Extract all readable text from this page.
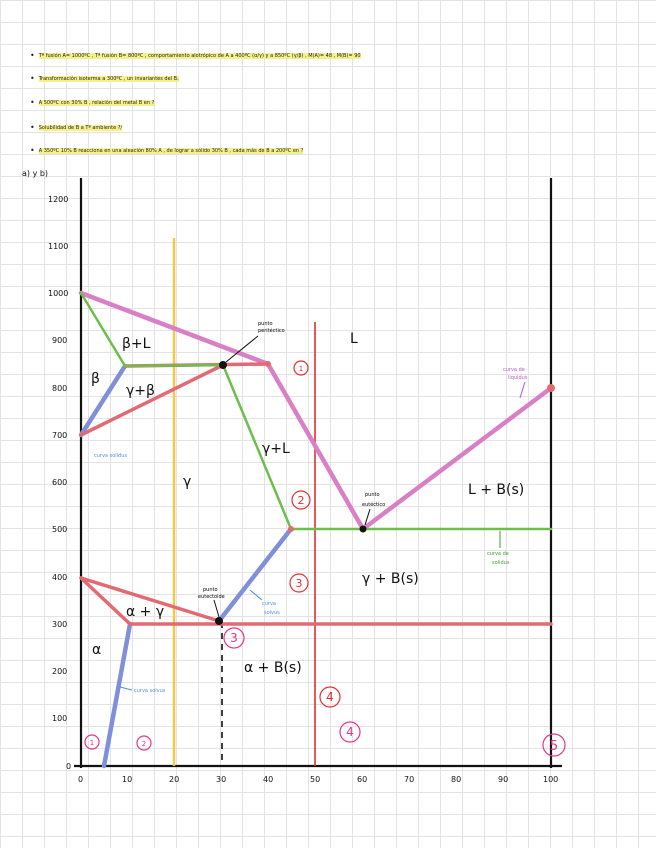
• Tª fusión A= 1000ºC , Tª fusión B= 800ºC , comportamiento alotrópico de A a 400ºC (α/γ) y a 850ºC (γ/β) , M(A)= 48 , M(B)= 90
• Transformación isoterma a 300ºC , un invariantes del B.
• A 500ºC con 30% B , relación del metal B en ?
• Solubilidad de B a Tª ambiente ?/
• A 350ºC 10% B reacciona en una aleación 80% A , de lograr a sólido 30% B , cada más de B a 200ºC en ?
a) y b)
1200
1100
1000
900
800
700
600
500
400
300
200
100
0
0	10	20	30	40	50	60	70	80	90	100
L
β+L
β
γ+β
γ
γ+L
L + B(s)
γ + B(s)
α + γ
α
α + B(s)
punto
peritéctico
punto
eutéctico
punto
eutectoide
curva solidus
curva de
liquidus
curva de
solidus
curva
solvus
curva solvus
1
2
3
4
3
4
5
1	2
